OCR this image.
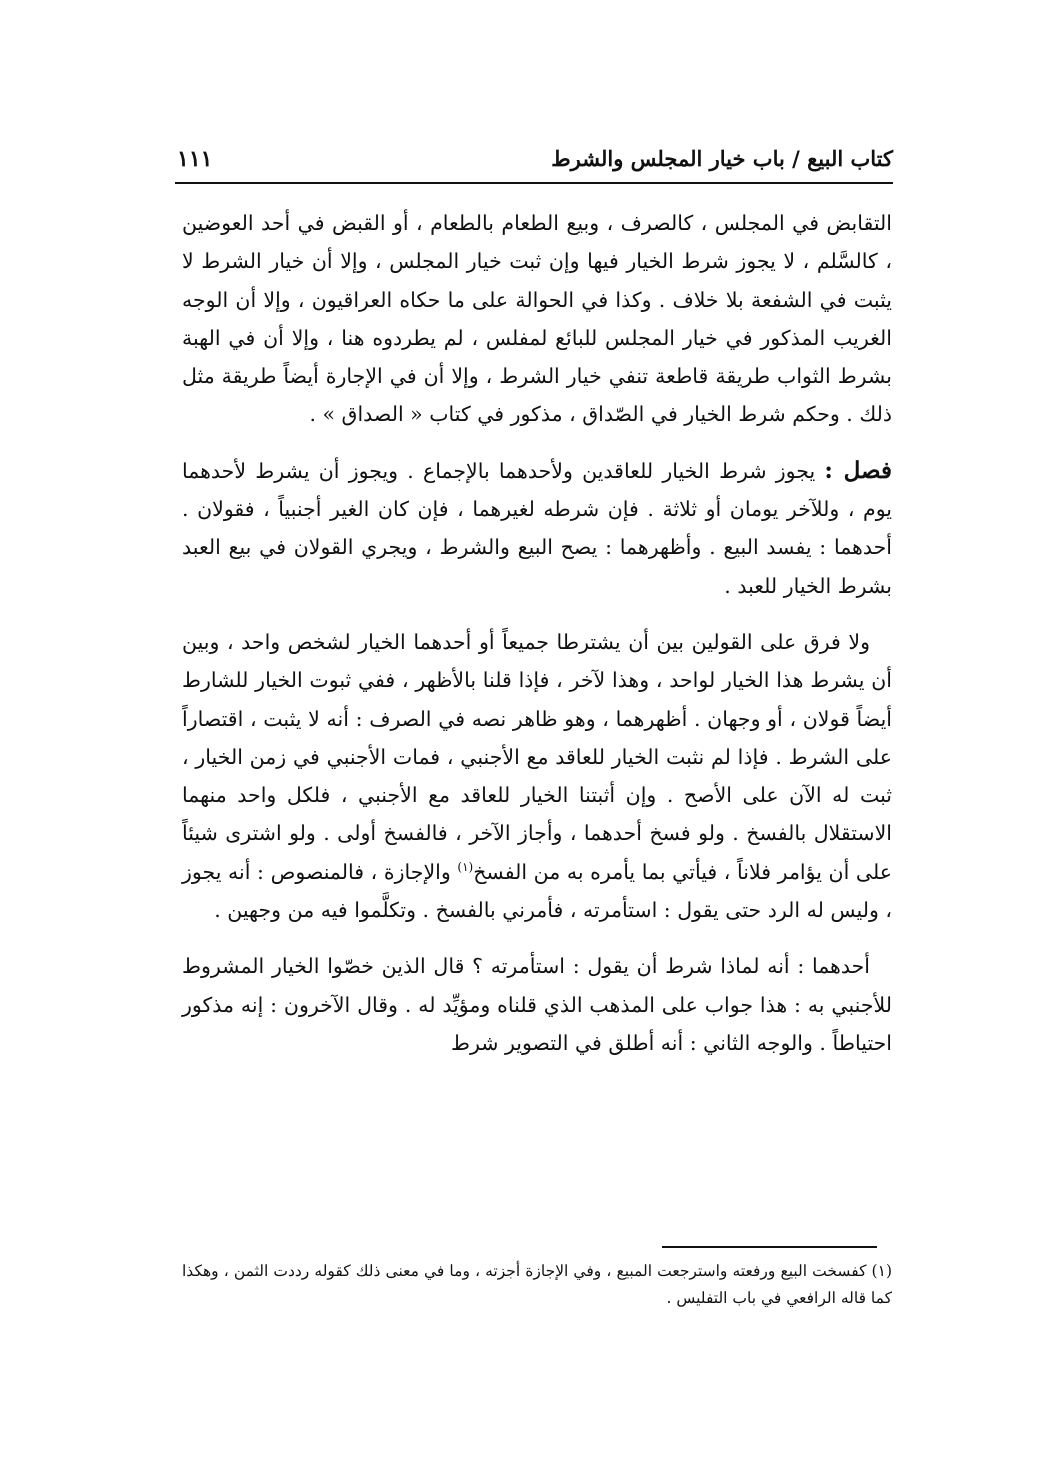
كتاب البيع / باب خيار المجلس والشرط
١١١

التقابض في المجلس ، كالصرف ، وبيع الطعام بالطعام ، أو القبض في أحد العوضين ، كالسَّلم ، لا يجوز شرط الخيار فيها وإن ثبت خيار المجلس ، وإلا أن خيار الشرط لا يثبت في الشفعة بلا خلاف . وكذا في الحوالة على ما حكاه العراقيون ، وإلا أن الوجه الغريب المذكور في خيار المجلس للبائع لمفلس ، لم يطردوه هنا ، وإلا أن في الهبة بشرط الثواب طريقة قاطعة تنفي خيار الشرط ، وإلا أن في الإجارة أيضاً طريقة مثل ذلك . وحكم شرط الخيار في الصّداق ، مذكور في كتاب « الصداق » .

فصل : يجوز شرط الخيار للعاقدين ولأحدهما بالإجماع . ويجوز أن يشرط لأحدهما يوم ، وللآخر يومان أو ثلاثة . فإن شرطه لغيرهما ، فإن كان الغير أجنبياً ، فقولان . أحدهما : يفسد البيع . وأظهرهما : يصح البيع والشرط ، ويجري القولان في بيع العبد بشرط الخيار للعبد .

ولا فرق على القولين بين أن يشترطا جميعاً أو أحدهما الخيار لشخص واحد ، وبين أن يشرط هذا الخيار لواحد ، وهذا لآخر ، فإذا قلنا بالأظهر ، ففي ثبوت الخيار للشارط أيضاً قولان ، أو وجهان . أظهرهما ، وهو ظاهر نصه في الصرف : أنه لا يثبت ، اقتصاراً على الشرط . فإذا لم نثبت الخيار للعاقد مع الأجنبي ، فمات الأجنبي في زمن الخيار ، ثبت له الآن على الأصح . وإن أثبتنا الخيار للعاقد مع الأجنبي ، فلكل واحد منهما الاستقلال بالفسخ . ولو فسخ أحدهما ، وأجاز الآخر ، فالفسخ أولى . ولو اشترى شيئاً على أن يؤامر فلاناً ، فيأتي بما يأمره به من الفسخ$^{(١)}$ والإجازة ، فالمنصوص : أنه يجوز ، وليس له الرد حتى يقول : استأمرته ، فأمرني بالفسخ . وتكلَّموا فيه من وجهين .

أحدهما : أنه لماذا شرط أن يقول : استأمرته ؟ قال الذين خصّوا الخيار المشروط للأجنبي به : هذا جواب على المذهب الذي قلناه ومؤيِّد له . وقال الآخرون : إنه مذكور احتياطاً . والوجه الثاني : أنه أطلق في التصوير شرط

(١) كفسخت البيع ورفعته واسترجعت المبيع ، وفي الإجازة أجزته ، وما في معنى ذلك كقوله رددت الثمن ، وهكذا كما قاله الرافعي في باب التفليس .
